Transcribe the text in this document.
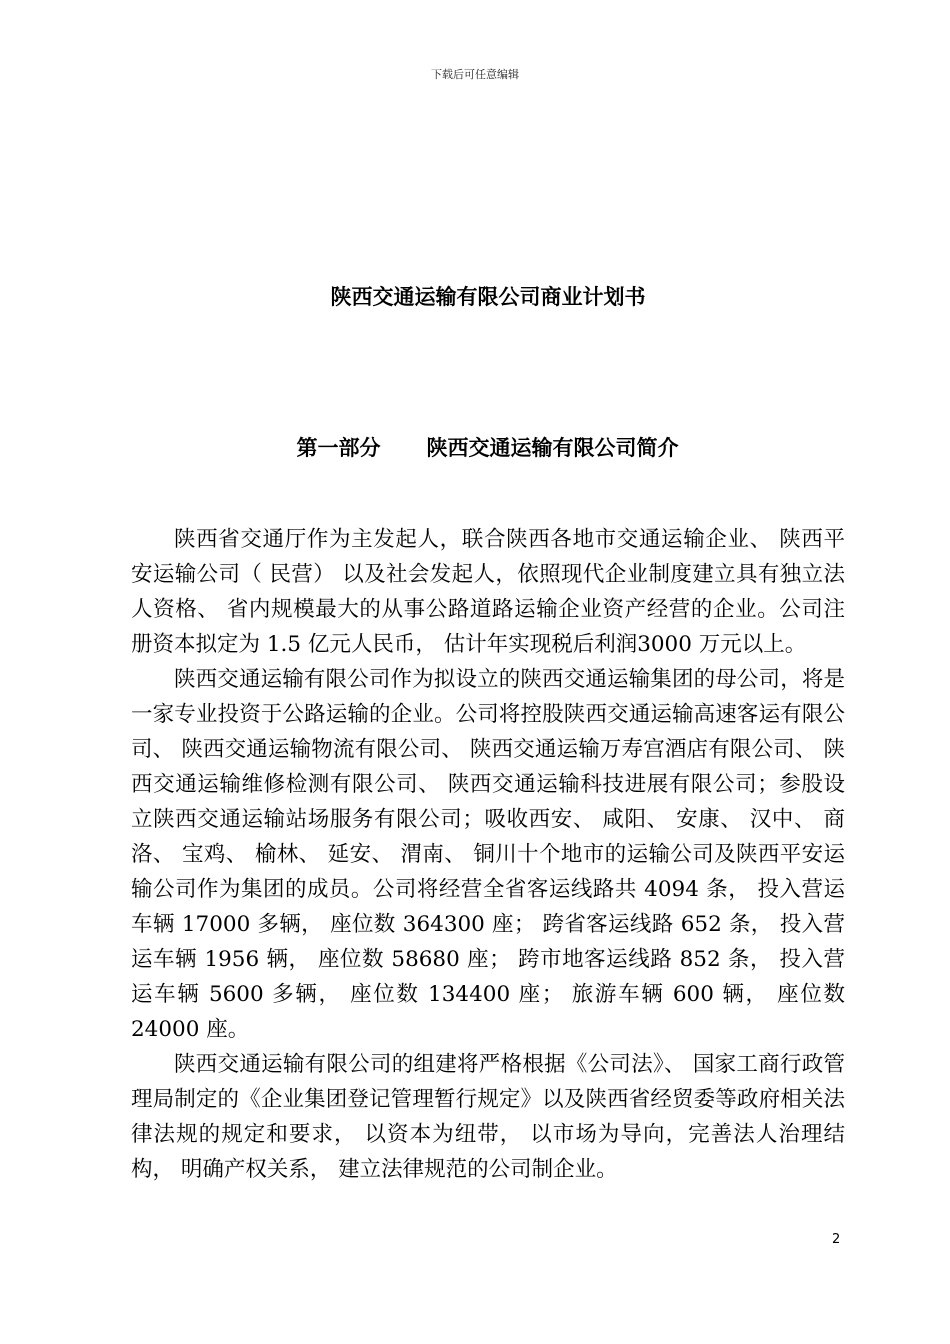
下载后可任意编辑
陕西交通运输有限公司商业计划书
第一部分 陕西交通运输有限公司简介

陕西省交通厅作为主发起人，联合陕西各地市交通运输企业、 陕西平安运输公司（ 民营） 以及社会发起人，依照现代企业制度建立具有独立法人资格、 省内规模最大的从事公路道路运输企业资产经营的企业。公司注册资本拟定为 1.5 亿元人民币， 估计年实现税后利润3000 万元以上。

陕西交通运输有限公司作为拟设立的陕西交通运输集团的母公司，将是一家专业投资于公路运输的企业。公司将控股陕西交通运输高速客运有限公司、 陕西交通运输物流有限公司、 陕西交通运输万寿宫酒店有限公司、 陕西交通运输维修检测有限公司、 陕西交通运输科技进展有限公司；参股设立陕西交通运输站场服务有限公司；吸收西安、 咸阳、 安康、 汉中、 商洛、 宝鸡、 榆林、 延安、 渭南、 铜川十个地市的运输公司及陕西平安运输公司作为集团的成员。公司将经营全省客运线路共 4094 条， 投入营运车辆 17000 多辆， 座位数 364300 座； 跨省客运线路 652 条， 投入营运车辆 1956 辆， 座位数 58680 座； 跨市地客运线路 852 条， 投入营运车辆 5600 多辆， 座位数 134400 座； 旅游车辆 600 辆， 座位数 24000 座。

陕西交通运输有限公司的组建将严格根据《公司法》、 国家工商行政管理局制定的《企业集团登记管理暂行规定》以及陕西省经贸委等政府相关法律法规的规定和要求， 以资本为纽带， 以市场为导向，完善法人治理结构， 明确产权关系， 建立法律规范的公司制企业。

2
